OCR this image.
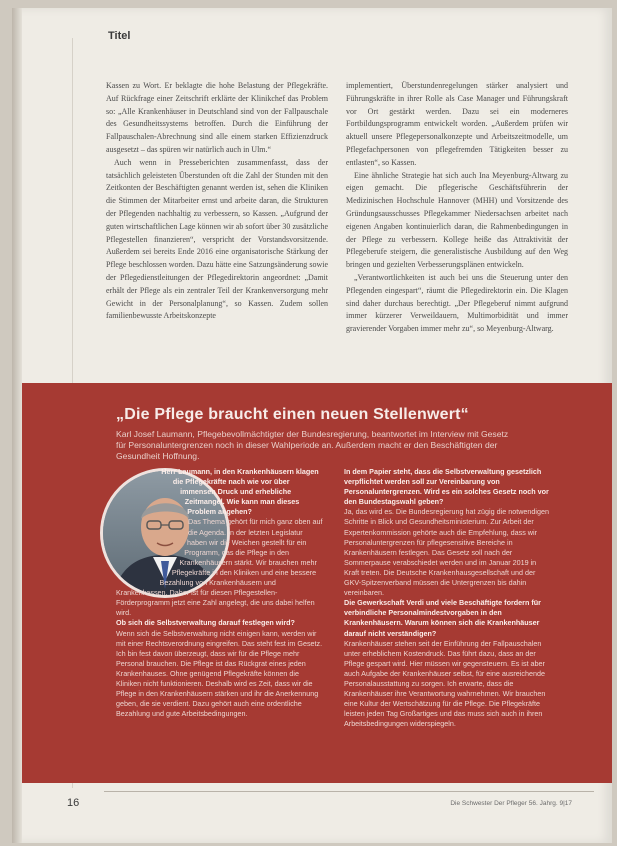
Titel

Kassen zu Wort. Er beklagte die hohe Belastung der Pflegekräfte. Auf Rückfrage einer Zeitschrift erklärte der Klinikchef das Problem so: „Alle Krankenhäuser in Deutschland sind von der Fallpauschale des Gesundheitssystems betroffen. Durch die Einführung der Fallpauschalen-Abrechnung sind alle einem starken Effizienzdruck ausgesetzt – das spüren wir natürlich auch in Ulm.“

Auch wenn in Presseberichten zusammenfasst, dass der tatsächlich geleisteten Überstunden oft die Zahl der Stunden mit den Zeitkonten der Beschäftigten genannt werden ist, sehen die Kliniken die Stimmen der Mitarbeiter ernst und arbeite daran, die Strukturen der Pflegenden nachhaltig zu verbessern, so Kassen. „Aufgrund der guten wirtschaftlichen Lage können wir ab sofort über 30 zusätzliche Pflegestellen finanzieren“, verspricht der Vorstandsvorsitzende. Außerdem sei bereits Ende 2016 eine organisatorische Stärkung der Pflege beschlossen worden. Dazu hätte eine Satzungsänderung sowie der Pflegedienstleitungen der Pflegedirektorin angeordnet: „Damit erhält der Pflege als ein zentraler Teil der Krankenversorgung mehr Gewicht in der Personalplanung“, so Kassen. Zudem sollen familienbewusste Arbeitskonzepte

implementiert, Überstundenregelungen stärker analysiert und Führungskräfte in ihrer Rolle als Case Manager und Führungskraft vor Ort gestärkt werden. Dazu sei ein moderneres Fortbildungsprogramm entwickelt worden. „Außerdem prüfen wir aktuell unsere Pflegepersonalkonzepte und Arbeitszeitmodelle, um Pflegefachpersonen von pflegefremden Tätigkeiten besser zu entlasten“, so Kassen.

Eine ähnliche Strategie hat sich auch Ina Meyenburg-Altwarg zu eigen gemacht. Die pflegerische Geschäftsführerin der Medizinischen Hochschule Hannover (MHH) und Vorsitzende des Gründungsausschusses Pflegekammer Niedersachsen arbeitet nach eigenen Angaben kontinuierlich daran, die Rahmenbedingungen in der Pflege zu verbessern. Kollege heiße das Attraktivität der Pflegeberufe steigern, die generalistische Ausbildung auf den Weg bringen und gezielten Verbesserungsplänen entwickeln.

„Verantwortlichkeiten ist auch bei uns die Steuerung unter den Pflegenden eingespart“, räumt die Pflegedirektorin ein. Die Klagen sind daher durchaus berechtigt. „Der Pflegeberuf nimmt aufgrund immer kürzerer Verweildauern, Multimorbidität und immer gravierender Vorgaben immer mehr zu“, so Meyenburg-Altwarg.

„Die Pflege braucht einen neuen Stellenwert“
Karl Josef Laumann, Pflegebevollmächtigter der Bundesregierung, beantwortet im Interview mit Gesetz für Personaluntergrenzen noch in dieser Wahlperiode an. Außerdem macht er den Beschäftigten der Gesundheit Hoffnung.

Herr Laumann, in den Krankenhäusern klagen die Pflegekräfte nach wie vor über immensen Druck und erhebliche Zeitmangel. Wie kann man dieses Problem angehen?

Das Thema gehört für mich ganz oben auf die Agenda. In der letzten Legislatur haben wir die Weichen gestellt für ein Programm, das die Pflege in den Krankenhäusern stärkt. Wir brauchen mehr Pflegekräfte in den Kliniken und eine bessere Bezahlung von Krankenhäusern und Krankenkassen. Daher ist für diesen Pflegestellen-Förderprogramm jetzt eine Zahl angelegt, die uns dabei helfen wird.

Ob sich die Selbstverwaltung darauf festlegen wird?

Wenn sich die Selbstverwaltung nicht einigen kann, werden wir mit einer Rechtsverordnung eingreifen. Das steht fest im Gesetz. Ich bin fest davon überzeugt, dass wir für die Pflege mehr Personal brauchen. Die Pflege ist das Rückgrat eines jeden Krankenhauses. Ohne genügend Pflegekräfte können die Kliniken nicht funktionieren. Deshalb wird es Zeit, dass wir die Pflege in den Krankenhäusern stärken und ihr die Anerkennung geben, die sie verdient. Dazu gehört auch eine ordentliche Bezahlung und gute Arbeitsbedingungen.

In dem Papier steht, dass die Selbstverwaltung gesetzlich verpflichtet werden soll zur Vereinbarung von Personaluntergrenzen. Wird es ein solches Gesetz noch vor den Bundestagswahl geben?

Ja, das wird es. Die Bundesregierung hat zügig die notwendigen Schritte in Blick und Gesundheitsministerium. Zur Arbeit der Expertenkommission gehörte auch die Empfehlung, dass wir Personaluntergrenzen für pflegesensitive Bereiche in Krankenhäusern festlegen. Das Gesetz soll nach der Sommerpause verabschiedet werden und im Januar 2019 in Kraft treten. Die Deutsche Krankenhausgesellschaft und der GKV-Spitzenverband müssen die Untergrenzen bis dahin vereinbaren.

Die Gewerkschaft Verdi und viele Beschäftigte fordern für verbindliche Personalmindestvorgaben in den Krankenhäusern. Warum können sich die Krankenhäuser darauf nicht verständigen?

Krankenhäuser stehen seit der Einführung der Fallpauschalen unter erheblichem Kostendruck. Das führt dazu, dass an der Pflege gespart wird. Hier müssen wir gegensteuern. Es ist aber auch Aufgabe der Krankenhäuser selbst, für eine ausreichende Personalausstattung zu sorgen. Ich erwarte, dass die Krankenhäuser ihre Verantwortung wahrnehmen. Wir brauchen eine Kultur der Wertschätzung für die Pflege. Die Pflegekräfte leisten jeden Tag Großartiges und das muss sich auch in ihren Arbeitsbedingungen widerspiegeln.

16	Die Schwester Der Pfleger 56. Jahrg. 9|17
